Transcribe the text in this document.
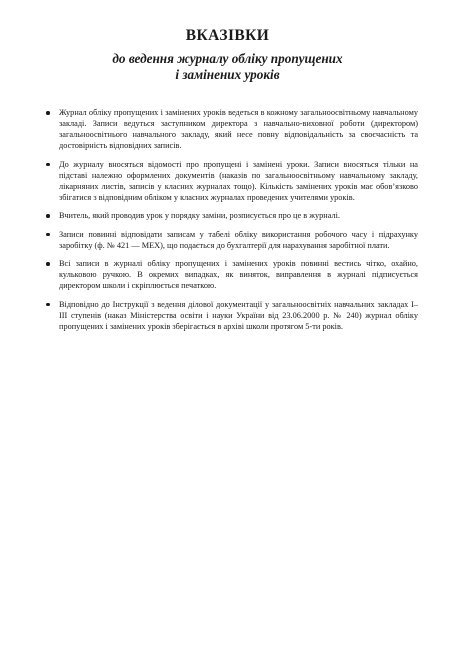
ВКАЗІВКИ
до ведення журналу обліку пропущених
і замінених уроків
Журнал обліку пропущених і замінених уроків ведеться в кожному загальноосвітньому навчальному закладі. Записи ведуться заступником директора з навчально-виховної роботи (директором) загальноосвітнього навчального закладу, який несе повну відповідальність за своєчасність та достовірність відповідних записів.
До журналу вносяться відомості про пропущені і замінені уроки. Записи вносяться тільки на підставі належно оформлених документів (наказів по загальноосвітньому навчальному закладу, лікарняних листів, записів у класних журналах тощо). Кількість замінених уроків має обов’язково збігатися з відповідним обліком у класних журналах проведених учителями уроків.
Вчитель, який проводив урок у порядку заміни, розписується про це в журналі.
Записи повинні відповідати записам у табелі обліку використання робочого часу і підрахунку заробітку (ф. № 421 — МЕХ), що подається до бухгалтерії для нарахування заробітної плати.
Всі записи в журналі обліку пропущених і замінених уроків повинні вестись чітко, охайно, кульковою ручкою. В окремих випадках, як виняток, виправлення в журналі підписується директором школи і скріплюється печаткою.
Відповідно до Інструкції з ведення ділової документації у загальноосвітніх навчальних закладах І–ІІІ ступенів (наказ Міністерства освіти і науки України від 23.06.2000 р. № 240) журнал обліку пропущених і замінених уроків зберігається в архіві школи протягом 5-ти років.
